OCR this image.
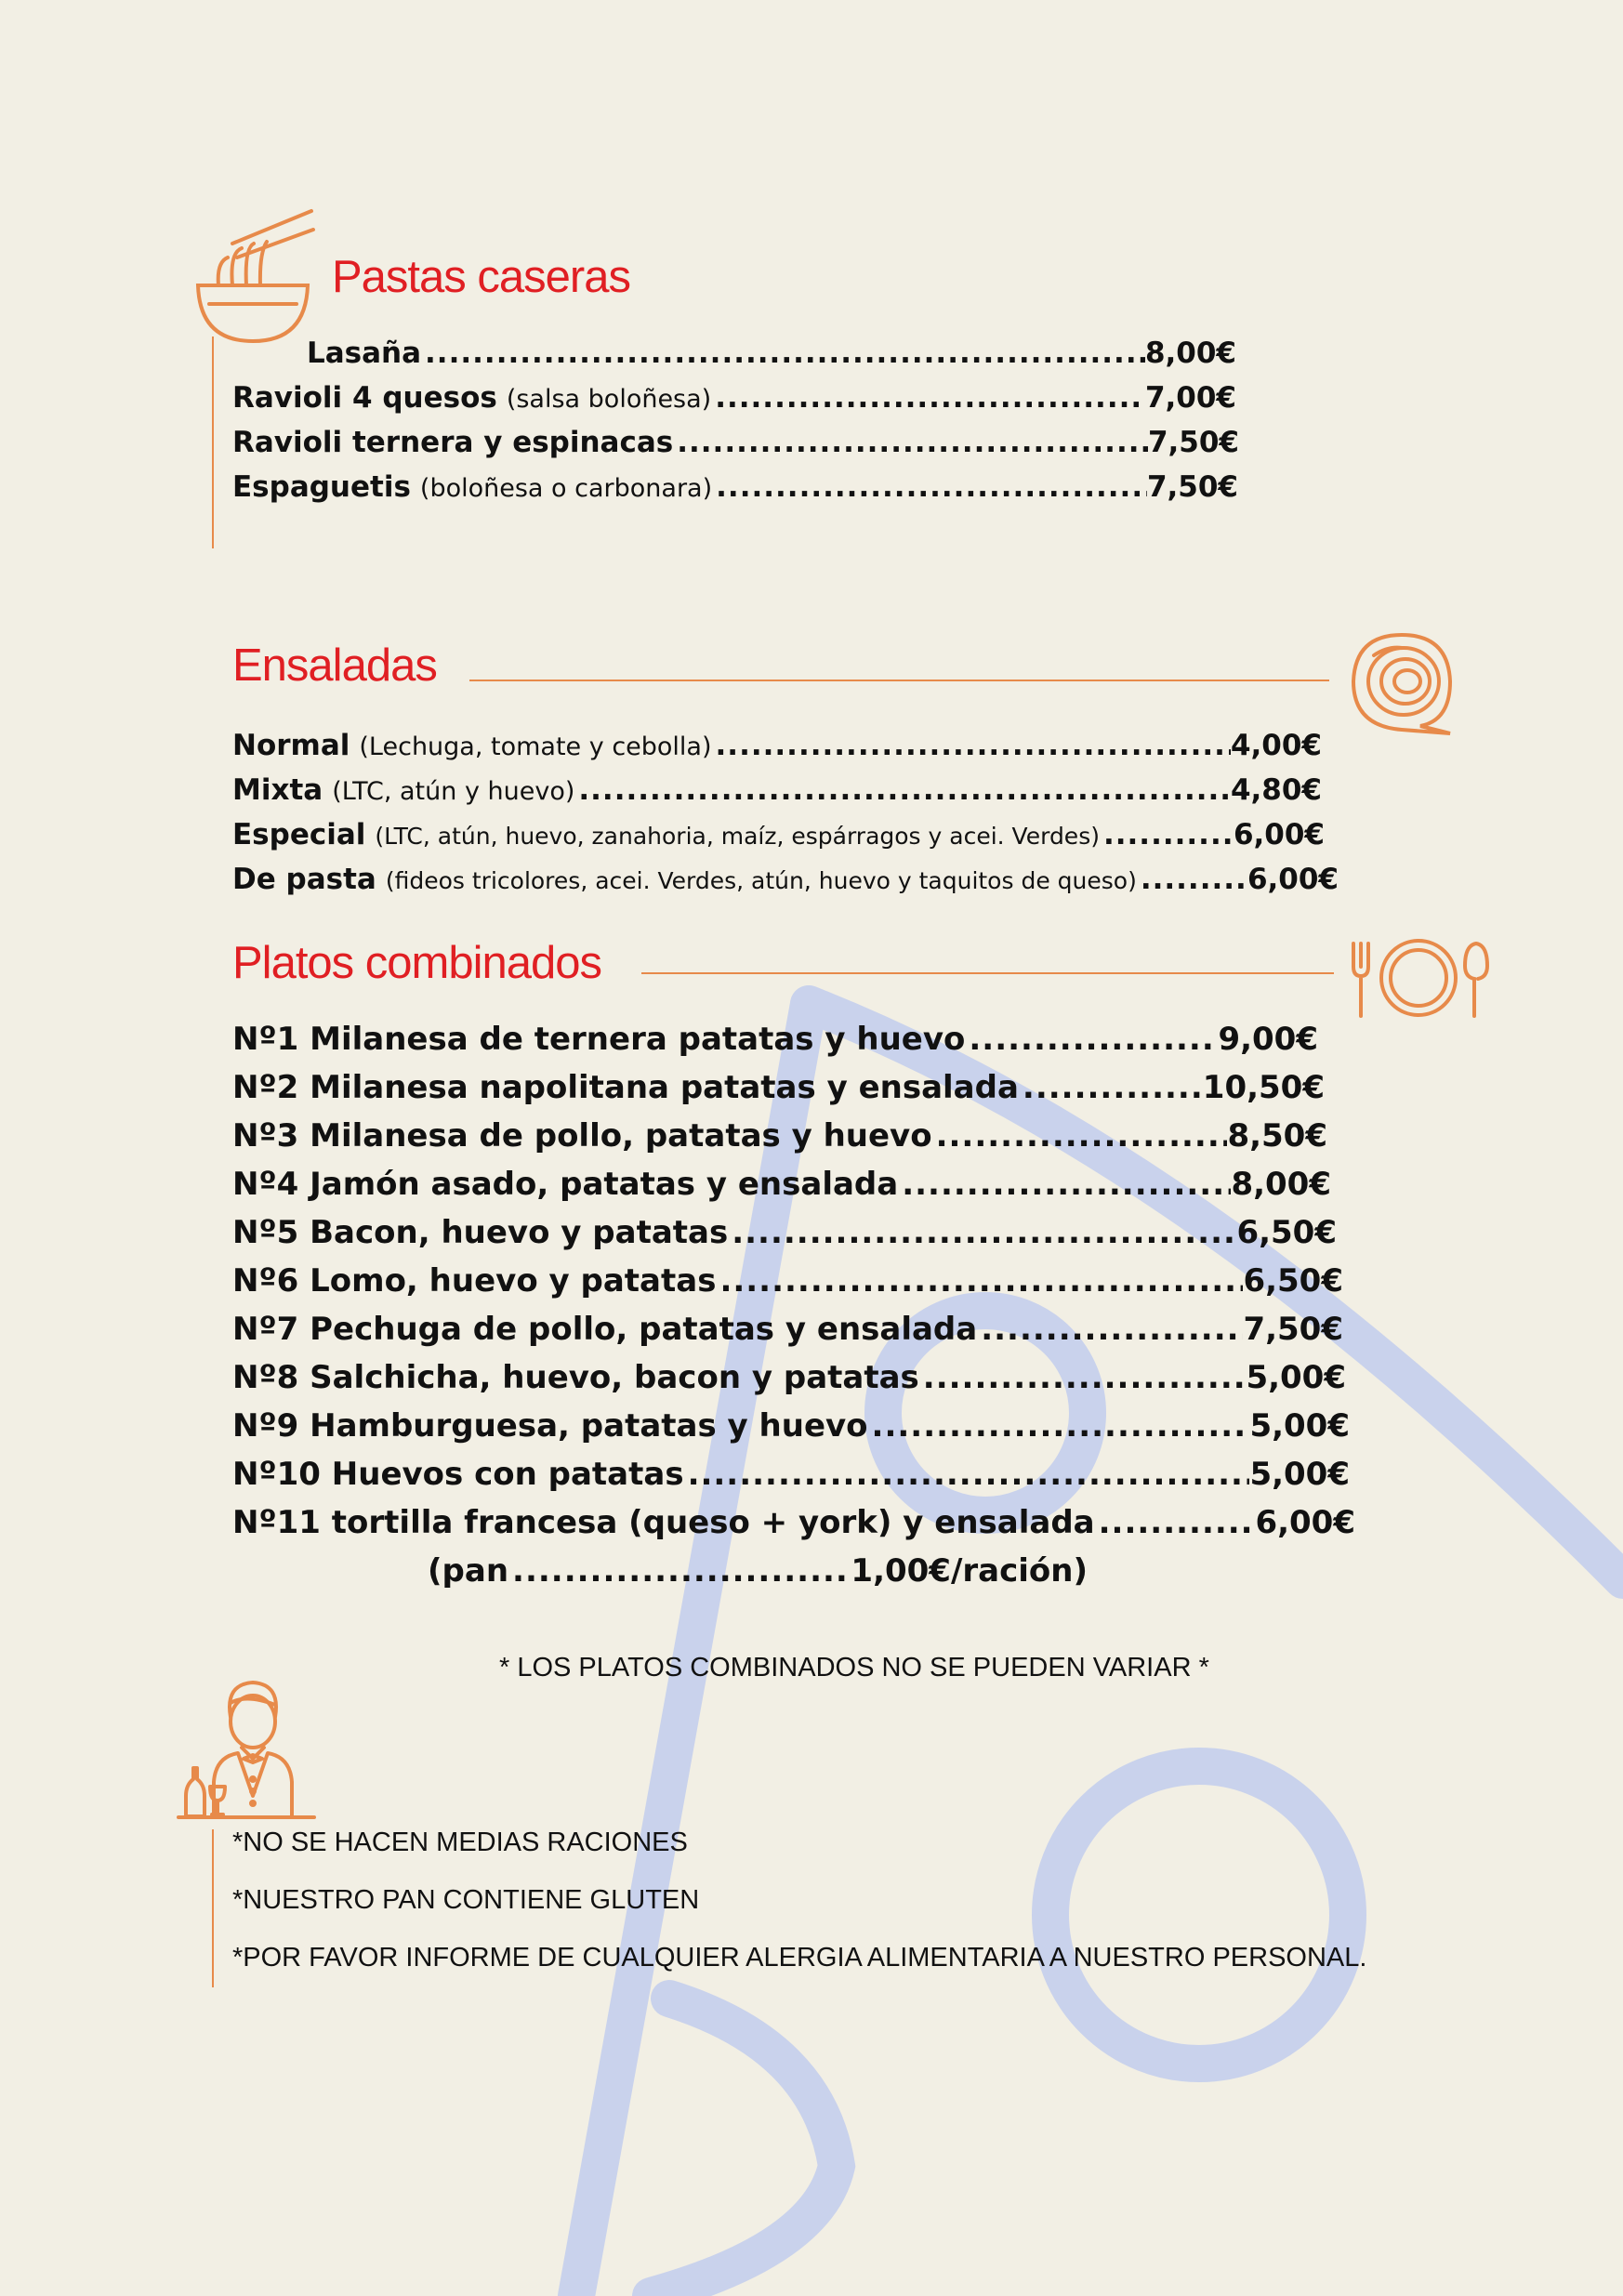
Pastas caseras
Lasaña .....	8,00€
Ravioli 4 quesos (salsa boloñesa) .....	7,00€
Ravioli ternera y espinacas .....	7,50€
Espaguetis (boloñesa o carbonara) .....	7,50€
Ensaladas
Normal (Lechuga, tomate y cebolla) .....	4,00€
Mixta (LTC, atún y huevo) .....	4,80€
Especial (LTC, atún, huevo, zanahoria, maíz, espárragos y acei. Verdes) .....	6,00€
De pasta (fideos tricolores, acei. Verdes, atún, huevo y taquitos de queso) .....	6,00€
Platos combinados
Nº1 Milanesa de ternera patatas y huevo .....	9,00€
Nº2 Milanesa napolitana patatas y ensalada .....	10,50€
Nº3 Milanesa de pollo, patatas y huevo .....	8,50€
Nº4 Jamón asado, patatas y ensalada .....	8,00€
Nº5 Bacon, huevo y patatas .....	6,50€
Nº6 Lomo, huevo y patatas .....	6,50€
Nº7 Pechuga de pollo, patatas y ensalada .....	7,50€
Nº8 Salchicha, huevo, bacon y patatas .....	5,00€
Nº9 Hamburguesa, patatas y huevo .....	5,00€
Nº10 Huevos con patatas .....	5,00€
Nº11 tortilla francesa (queso + york) y ensalada .....	6,00€
(pan .....	1,00€/ración)

* LOS PLATOS COMBINADOS NO SE PUEDEN VARIAR *

*NO SE HACEN MEDIAS RACIONES

*NUESTRO PAN CONTIENE GLUTEN

*POR FAVOR INFORME DE CUALQUIER ALERGIA ALIMENTARIA A NUESTRO PERSONAL.
